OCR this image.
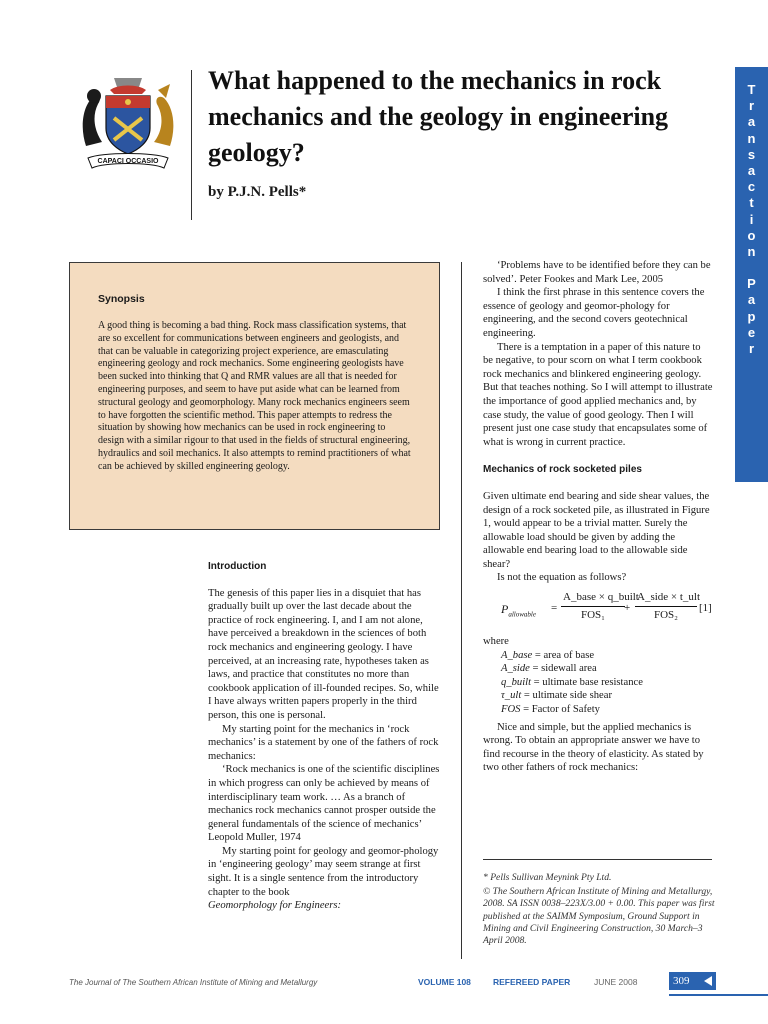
CAPACI OCCASIO
What happened to the mechanics in rock mechanics and the geology in engineering geology?

by P.J.N. Pells*

T
r
a
n
s
a
c
t
i
o
n

P
a
p
e
r

Synopsis

A good thing is becoming a bad thing. Rock mass classification systems, that are so excellent for communications between engineers and geologists, and that can be valuable in categorizing project experience, are emasculating engineering geology and rock mechanics. Some engineering geologists have been sucked into thinking that Q and RMR values are all that is needed for engineering purposes, and seem to have put aside what can be learned from structural geology and geomorphology. Many rock mechanics engineers seem to have forgotten the scientific method. This paper attempts to redress the situation by showing how mechanics can be used in rock engineering to design with a similar rigour to that used in the fields of structural engineering, hydraulics and soil mechanics. It also attempts to remind practitioners of what can be achieved by skilled engineering geology.

Introduction

The genesis of this paper lies in a disquiet that has gradually built up over the last decade about the practice of rock engineering. I, and I am not alone, have perceived a breakdown in the sciences of both rock mechanics and engineering geology. I have perceived, at an increasing rate, hypotheses taken as laws, and practice that constitutes no more than cookbook application of ill-founded recipes. So, while I have always written papers properly in the third person, this one is personal.

My starting point for the mechanics in ‘rock mechanics’ is a statement by one of the fathers of rock mechanics:

‘Rock mechanics is one of the scientific disciplines in which progress can only be achieved by means of interdisciplinary team work. … As a branch of mechanics rock mechanics cannot prosper outside the general fundamentals of the science of mechanics’ Leopold Muller, 1974

My starting point for geology and geomor-phology in ‘engineering geology’ may seem strange at first sight. It is a single sentence from the introductory chapter to the book

Geomorphology for Engineers:

‘Problems have to be identified before they can be solved’. Peter Fookes and Mark Lee, 2005

I think the first phrase in this sentence covers the essence of geology and geomor-phology for engineering, and the second covers geotechnical engineering.

There is a temptation in a paper of this nature to be negative, to pour scorn on what I term cookbook rock mechanics and blinkered engineering geology. But that teaches nothing. So I will attempt to illustrate the importance of good applied mechanics and, by case study, the value of good geology. Then I will present just one case study that encapsulates some of what is wrong in current practice.

Mechanics of rock socketed piles

Given ultimate end bearing and side shear values, the design of a rock socketed pile, as illustrated in Figure 1, would appear to be a trivial matter. Surely the allowable load should be given by adding the allowable end bearing load to the allowable side shear?

Is not the equation as follows?

$P_{allowable}$
=
A_base × q_built
FOS₁
+
A_side × t_ult
FOS₂
[1]

where

A_base = area of base
A_side = sidewall area
q_built = ultimate base resistance
τ_ult = ultimate side shear
FOS = Factor of Safety

Nice and simple, but the applied mechanics is wrong. To obtain an appropriate answer we have to find recourse in the theory of elasticity. As stated by two other fathers of rock mechanics:

* Pells Sullivan Meynink Pty Ltd.

© The Southern African Institute of Mining and Metallurgy, 2008. SA ISSN 0038–223X/3.00 + 0.00. This paper was first published at the SAIMM Symposium, Ground Support in Mining and Civil Engineering Construction, 30 March–3 April 2008.

The Journal of The Southern African Institute of Mining and Metallurgy	VOLUME 108	REFEREED PAPER	JUNE 2008	309
